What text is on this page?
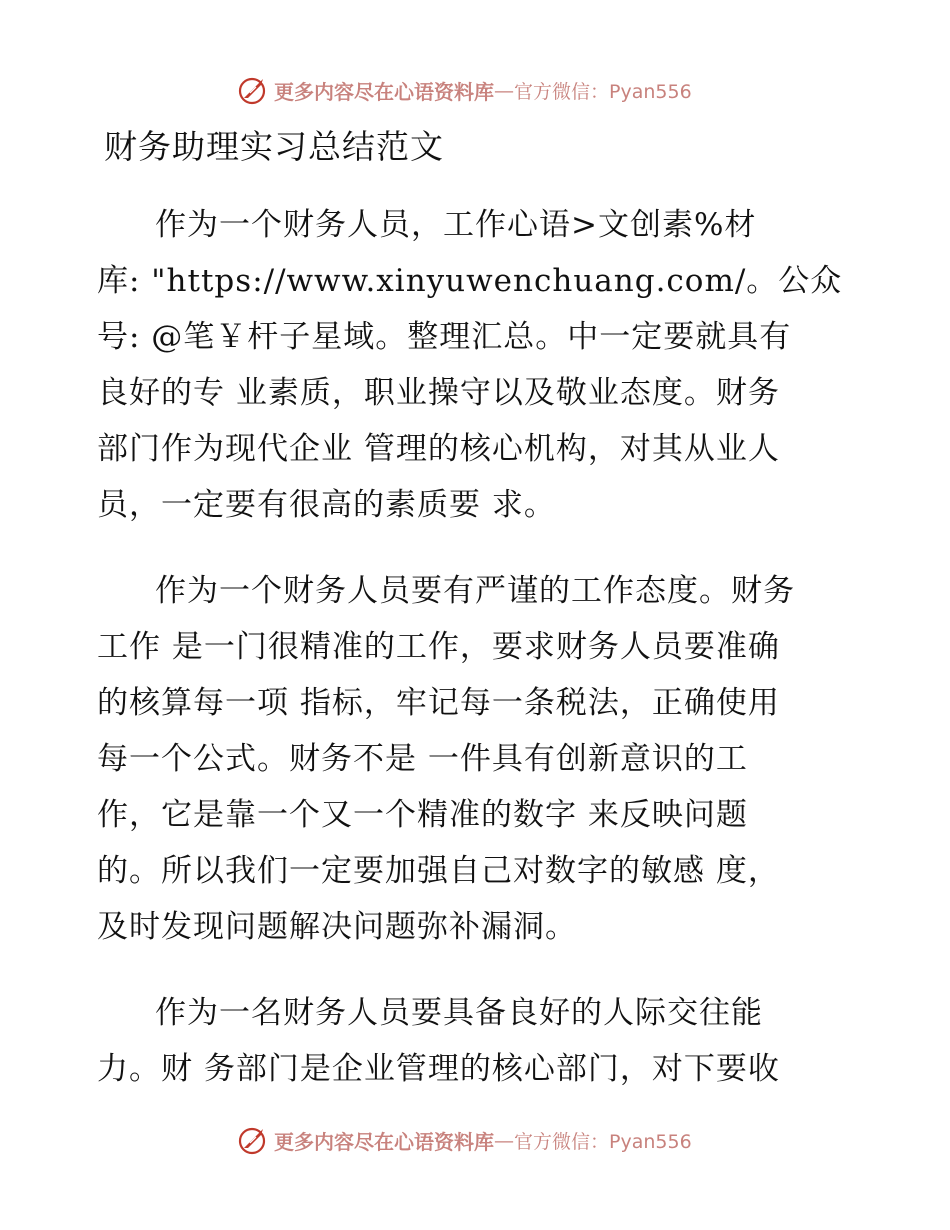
更多内容尽在心语资料库 — 官方微信：Pyan556
财务助理实习总结范文
作为一个财务人员，工作心语>文创素%材
库: "https://www.xinyuwenchuang.com/。公众
号: @笔￥杆子星域。整理汇总。中一定要就具有
良好的专 业素质，职业操守以及敬业态度。财务
部门作为现代企业 管理的核心机构，对其从业人
员，一定要有很高的素质要 求。
作为一个财务人员要有严谨的工作态度。财务
工作 是一门很精准的工作，要求财务人员要准确
的核算每一项 指标，牢记每一条税法，正确使用
每一个公式。财务不是 一件具有创新意识的工
作，它是靠一个又一个精准的数字 来反映问题
的。所以我们一定要加强自己对数字的敏感 度，
及时发现问题解决问题弥补漏洞。
作为一名财务人员要具备良好的人际交往能
力。财 务部门是企业管理的核心部门，对下要收
更多内容尽在心语资料库 — 官方微信：Pyan556
